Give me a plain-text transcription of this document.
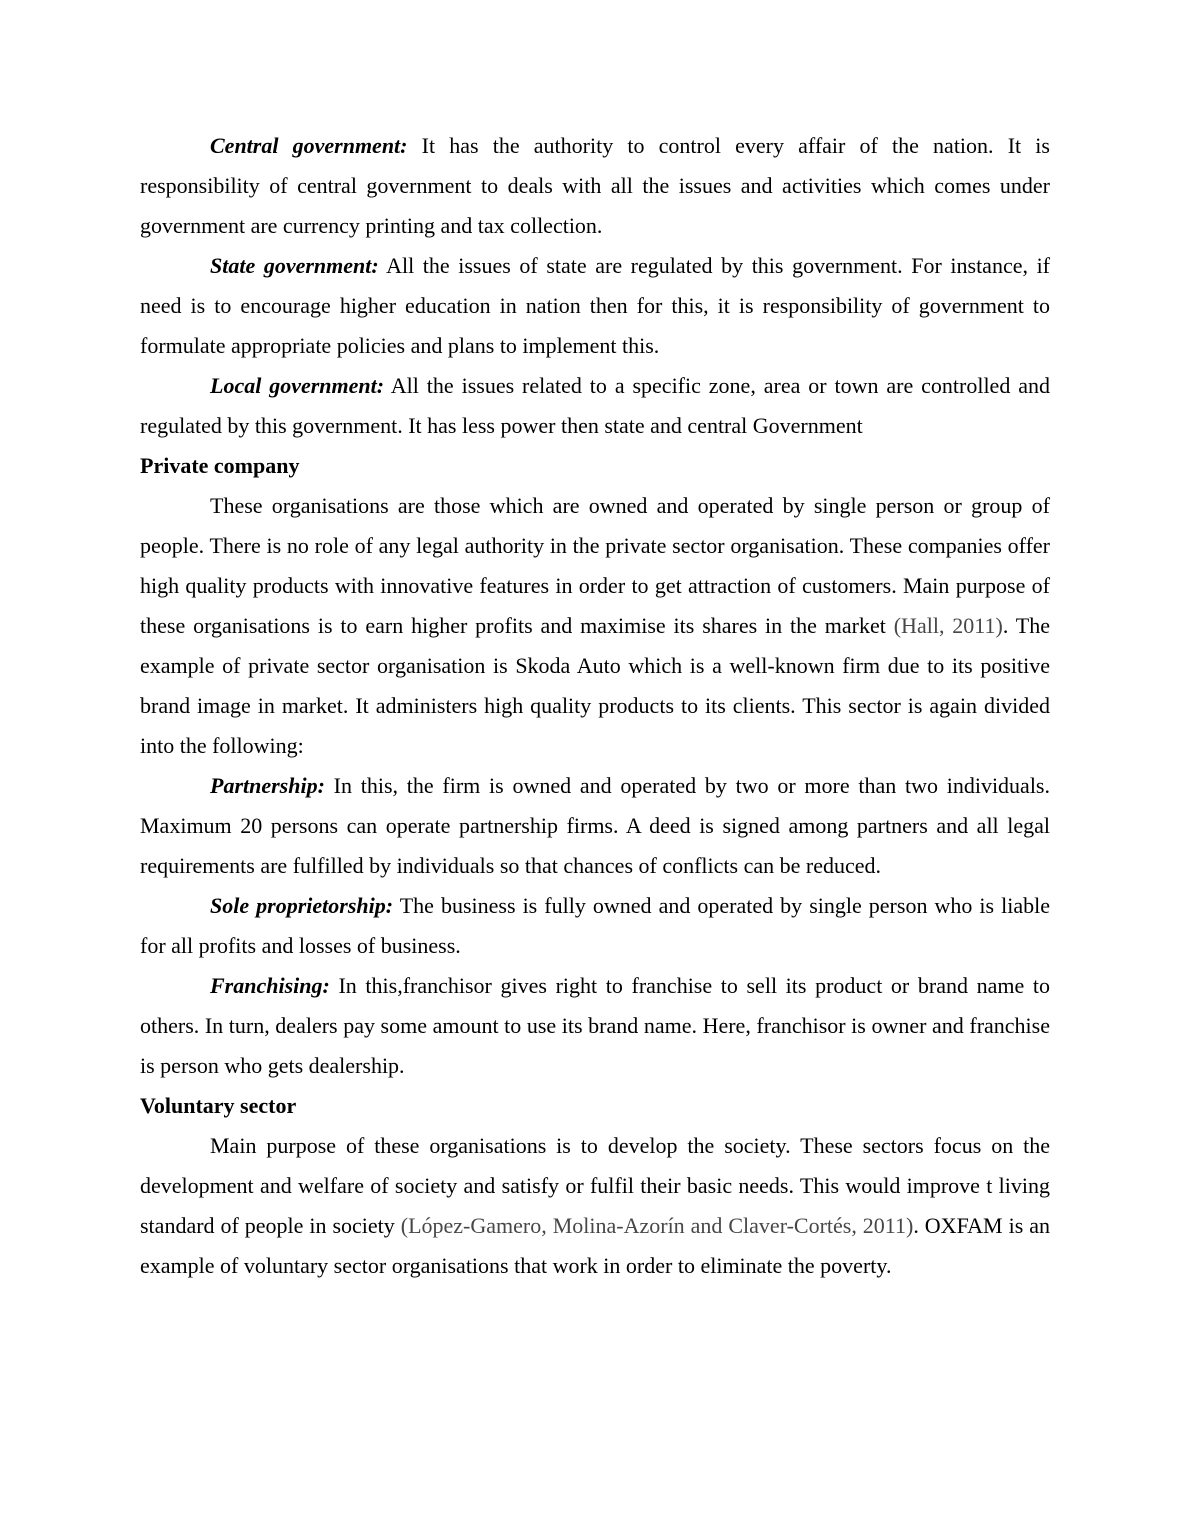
Central government: It has the authority to control every affair of the nation. It is responsibility of central government to deals with all the issues and activities which comes under government are currency printing and tax collection.

State government: All the issues of state are regulated by this government. For instance, if need is to encourage higher education in nation then for this, it is responsibility of government to formulate appropriate policies and plans to implement this.

Local government: All the issues related to a specific zone, area or town are controlled and regulated by this government. It has less power then state and central Government

Private company

These organisations are those which are owned and operated by single person or group of people. There is no role of any legal authority in the private sector organisation. These companies offer high quality products with innovative features in order to get attraction of customers. Main purpose of these organisations is to earn higher profits and maximise its shares in the market (Hall, 2011). The example of private sector organisation is Skoda Auto which is a well-known firm due to its positive brand image in market. It administers high quality products to its clients. This sector is again divided into the following:

Partnership: In this, the firm is owned and operated by two or more than two individuals. Maximum 20 persons can operate partnership firms. A deed is signed among partners and all legal requirements are fulfilled by individuals so that chances of conflicts can be reduced.

Sole proprietorship: The business is fully owned and operated by single person who is liable for all profits and losses of business.

Franchising: In this,franchisor gives right to franchise to sell its product or brand name to others. In turn, dealers pay some amount to use its brand name. Here, franchisor is owner and franchise is person who gets dealership.

Voluntary sector

Main purpose of these organisations is to develop the society. These sectors focus on the development and welfare of society and satisfy or fulfil their basic needs. This would improve t living standard of people in society (López-Gamero, Molina-Azorín and Claver-Cortés, 2011). OXFAM is an example of voluntary sector organisations that work in order to eliminate the poverty.
